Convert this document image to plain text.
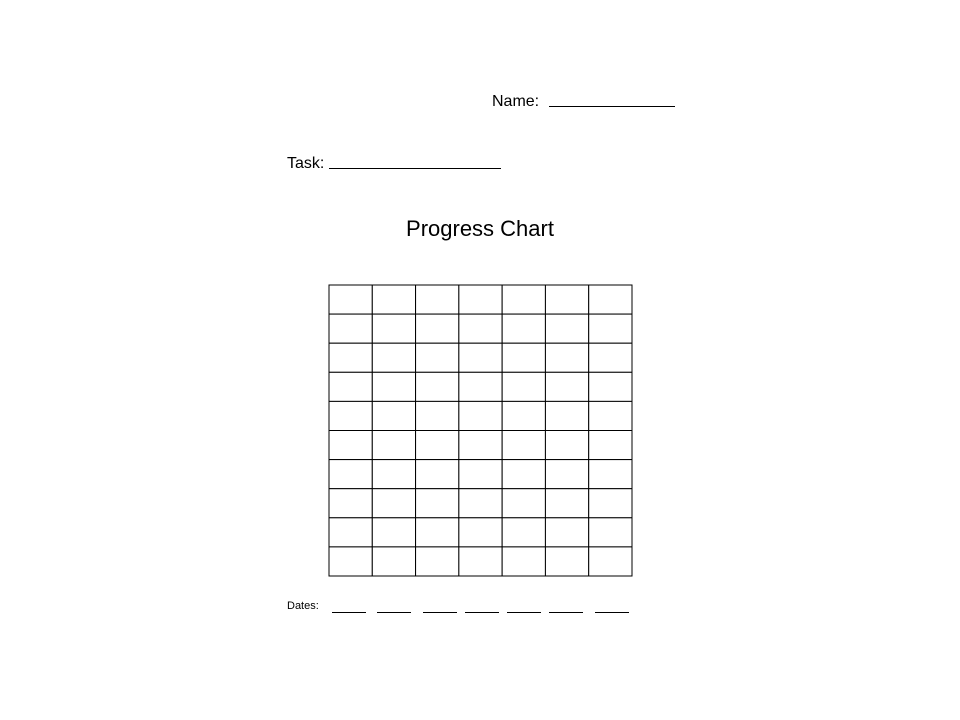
Name:
Task:
Progress Chart
Dates:
